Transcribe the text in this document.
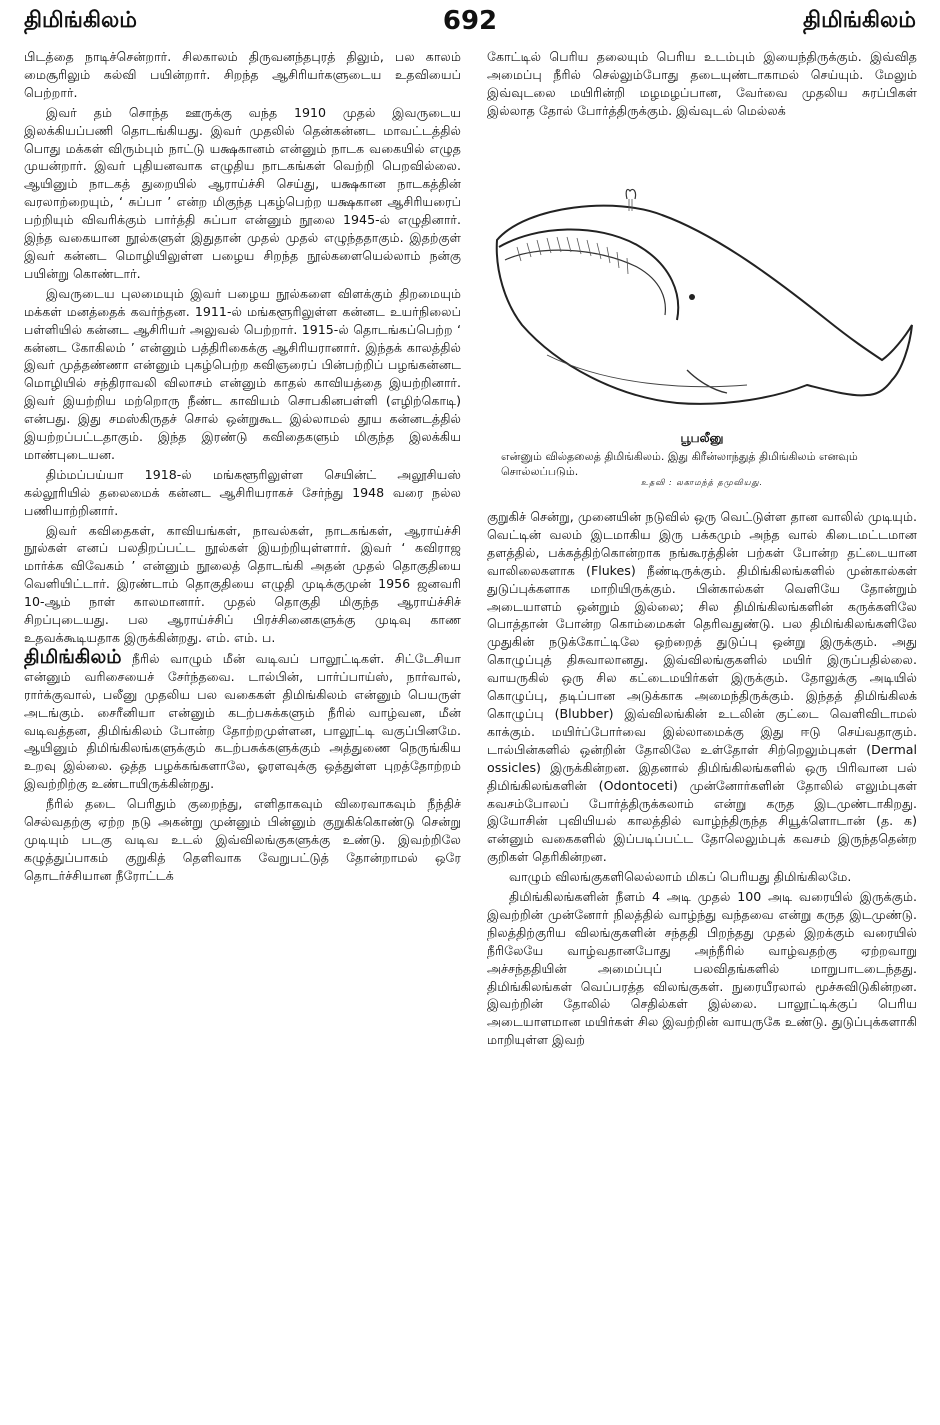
திமிங்கிலம்	692	திமிங்கிலம்

பிடத்தை நாடிச்சென்றார். சிலகாலம் திருவனந்தபுரத் திலும், பல காலம் மைசூரிலும் கல்வி பயின்றார். சிறந்த ஆசிரியர்களுடைய உதவியைப் பெற்றார்.

இவர் தம் சொந்த ஊருக்கு வந்த 1910 முதல் இவருடைய இலக்கியப்பணி தொடங்கியது. இவர் முதலில் தென்கன்னட மாவட்டத்தில் பொது மக்கள் விரும்பும் நாட்டு யக்ஷகானம் என்னும் நாடக வகையில் எழுத முயன்றார். இவர் புதியனவாக எழுதிய நாடகங்கள் வெற்றி பெறவில்லை. ஆயினும் நாடகத் துறையில் ஆராய்ச்சி செய்து, யக்ஷகான நாடகத்தின் வரலாற்றையும், ‘ சுப்பா ’ என்ற மிகுந்த புகழ்பெற்ற யக்ஷகான ஆசிரியரைப் பற்றியும் விவரிக்கும் பார்த்தி சுப்பா என்னும் நூலை 1945-ல் எழுதினார். இந்த வகையான நூல்களுள் இதுதான் முதல் முதல் எழுந்ததாகும். இதற்குள் இவர் கன்னட மொழியிலுள்ள பழைய சிறந்த நூல்களையெல்லாம் நன்கு பயின்று கொண்டார்.

இவருடைய புலமையும் இவர் பழைய நூல்களை விளக்கும் திறமையும் மக்கள் மனத்தைக் கவர்ந்தன. 1911-ல் மங்களூரிலுள்ள கன்னட உயர்நிலைப் பள்ளியில் கன்னட ஆசிரியர் அலுவல் பெற்றார். 1915-ல் தொடங்கப்பெற்ற ‘ கன்னட கோகிலம் ’ என்னும் பத்திரிகைக்கு ஆசிரியரானார். இந்தக் காலத்தில் இவர் முத்தண்ணா என்னும் புகழ்பெற்ற கவிஞரைப் பின்பற்றிப் பழங்கன்னட மொழியில் சந்திராவலி விலாசம் என்னும் காதல் காவியத்தை இயற்றினார். இவர் இயற்றிய மற்றொரு நீண்ட காவியம் சொபகினபள்ளி (எழிற்கொடி) என்பது. இது சமஸ்கிருதச் சொல் ஒன்றுகூட இல்லாமல் தூய கன்னடத்தில் இயற்றப்பட்டதாகும். இந்த இரண்டு கவிதைகளும் மிகுந்த இலக்கிய மாண்புடையன.

திம்மப்பய்யா 1918-ல் மங்களூரிலுள்ள செயின்ட் அலூசியஸ் கல்லூரியில் தலைமைக் கன்னட ஆசிரியராகச் சேர்ந்து 1948 வரை நல்ல பணியாற்றினார்.

இவர் கவிதைகள், காவியங்கள், நாவல்கள், நாடகங்கள், ஆராய்ச்சி நூல்கள் எனப் பலதிறப்பட்ட நூல்கள் இயற்றியுள்ளார். இவர் ‘ கவிராஜ மார்க்க விவேகம் ’ என்னும் நூலைத் தொடங்கி அதன் முதல் தொகுதியை வெளியிட்டார். இரண்டாம் தொகுதியை எழுதி முடிக்குமுன் 1956 ஜனவரி 10-ஆம் நாள் காலமானார். முதல் தொகுதி மிகுந்த ஆராய்ச்சிச் சிறப்புடையது. பல ஆராய்ச்சிப் பிரச்சினைகளுக்கு முடிவு காண உதவக்கூடியதாக இருக்கின்றது. எம். எம். ப.

திமிங்கிலம் நீரில் வாழும் மீன் வடிவப் பாலூட்டிகள். சிட்டேசியா என்னும் வரிசையைச் சேர்ந்தவை. டால்பின், பார்ப்பாய்ஸ், நார்வால், ரார்க்குவால், பலீனு முதலிய பல வகைகள் திமிங்கிலம் என்னும் பெயருள் அடங்கும். சைரீனியா என்னும் கடற்பசுக்களும் நீரில் வாழ்வன, மீன் வடிவத்தன, திமிங்கிலம் போன்ற தோற்றமுள்ளன, பாலூட்டி வகுப்பினமே. ஆயினும் திமிங்கிலங்களுக்கும் கடற்பசுக்களுக்கும் அத்துணை நெருங்கிய உறவு இல்லை. ஒத்த பழக்கங்களாலே, ஓரளவுக்கு ஒத்துள்ள புறத்தோற்றம் இவற்றிற்கு உண்டாயிருக்கின்றது.

நீரில் தடை பெரிதும் குறைந்து, எளிதாகவும் விரைவாகவும் நீந்திச் செல்வதற்கு ஏற்ற நடு அகன்று முன்னும் பின்னும் குறுகிக்கொண்டு சென்று முடியும் படகு வடிவ உடல் இவ்விலங்குகளுக்கு உண்டு. இவற்றிலே கழுத்துப்பாகம் குறுகித் தெளிவாக வேறுபட்டுத் தோன்றாமல் ஒரே தொடர்ச்சியான நீரோட்டக்

கோட்டில் பெரிய தலையும் பெரிய உடம்பும் இயைந்திருக்கும். இவ்வித அமைப்பு நீரில் செல்லும்போது தடையுண்டாகாமல் செய்யும். மேலும் இவ்வுடலை மயிரின்றி மழமழப்பான, வேர்வை முதலிய சுரப்பிகள் இல்லாத தோல் போர்த்திருக்கும். இவ்வுடல் மெல்லக்

பூபலீனு
என்னும் வில்தலைத் திமிங்கிலம். இது கிரீன்லாந்துத் திமிங்கிலம் எனவும் சொல்லப்படும்.
உதவி : லகாமந்த் தமுவியது.

குறுகிச் சென்று, முனையின் நடுவில் ஒரு வெட்டுள்ள தான வாலில் முடியும். வெட்டின் வலம் இடமாகிய இரு பக்கமும் அந்த வால் கிடைமட்டமான தளத்தில், பக்கத்திற்கொன்றாக நங்கூரத்தின் பற்கள் போன்ற தட்டையான வாலிலைகளாக (Flukes) நீண்டிருக்கும். திமிங்கிலங்களில் முன்கால்கள் துடுப்புக்களாக மாறியிருக்கும். பின்கால்கள் வெளியே தோன்றும் அடையாளம் ஒன்றும் இல்லை; சில திமிங்கிலங்களின் கருக்களிலே பொத்தான் போன்ற கொம்மைகள் தெரிவதுண்டு. பல திமிங்கிலங்களிலே முதுகின் நடுக்கோட்டிலே ஒற்றைத் துடுப்பு ஒன்று இருக்கும். அது கொழுப்புத் திசுவாலானது. இவ்விலங்குகளில் மயிர் இருப்பதில்லை. வாயருகில் ஒரு சில கட்டைமயிர்கள் இருக்கும். தோலுக்கு அடியில் கொழுப்பு, தடிப்பான அடுக்காக அமைந்திருக்கும். இந்தத் திமிங்கிலக் கொழுப்பு (Blubber) இவ்விலங்கின் உடலின் குட்டை வெளிவிடாமல் காக்கும். மயிர்ப்போர்வை இல்லாமைக்கு இது ஈடு செய்வதாகும். டால்பின்களில் ஒன்றின் தோலிலே உள்தோள் சிற்றெலும்புகள் (Dermal ossicles) இருக்கின்றன. இதனால் திமிங்கிலங்களில் ஒரு பிரிவான பல் திமிங்கிலங்களின் (Odontoceti) முன்னோர்களின் தோலில் எலும்புகள் கவசம்போலப் போர்த்திருக்கலாம் என்று கருத இடமுண்டாகிறது. இயோசின் புவியியல் காலத்தில் வாழ்ந்திருந்த சியூக்ளொடான் (த. க) என்னும் வகைகளில் இப்படிப்பட்ட தோலெலும்புக் கவசம் இருந்ததென்ற குறிகள் தெரிகின்றன.

வாழும் விலங்குகளிலெல்லாம் மிகப் பெரியது திமிங்கிலமே.

திமிங்கிலங்களின் நீளம் 4 அடி முதல் 100 அடி வரையில் இருக்கும். இவற்றின் முன்னோர் நிலத்தில் வாழ்ந்து வந்தவை என்று கருத இடமுண்டு. நிலத்திற்குரிய விலங்குகளின் சந்ததி பிறந்தது முதல் இறக்கும் வரையில் நீரிலேயே வாழ்வதானபோது அந்நீரில் வாழ்வதற்கு ஏற்றவாறு அச்சந்ததியின் அமைப்புப் பலவிதங்களில் மாறுபாடடைந்தது. திமிங்கிலங்கள் வெப்பரத்த விலங்குகள். நுரையீரலால் மூச்சுவிடுகின்றன. இவற்றின் தோலில் செதில்கள் இல்லை. பாலூட்டிக்குப் பெரிய அடையாளமான மயிர்கள் சில இவற்றின் வாயருகே உண்டு. துடுப்புக்களாகி மாறியுள்ள இவற்
